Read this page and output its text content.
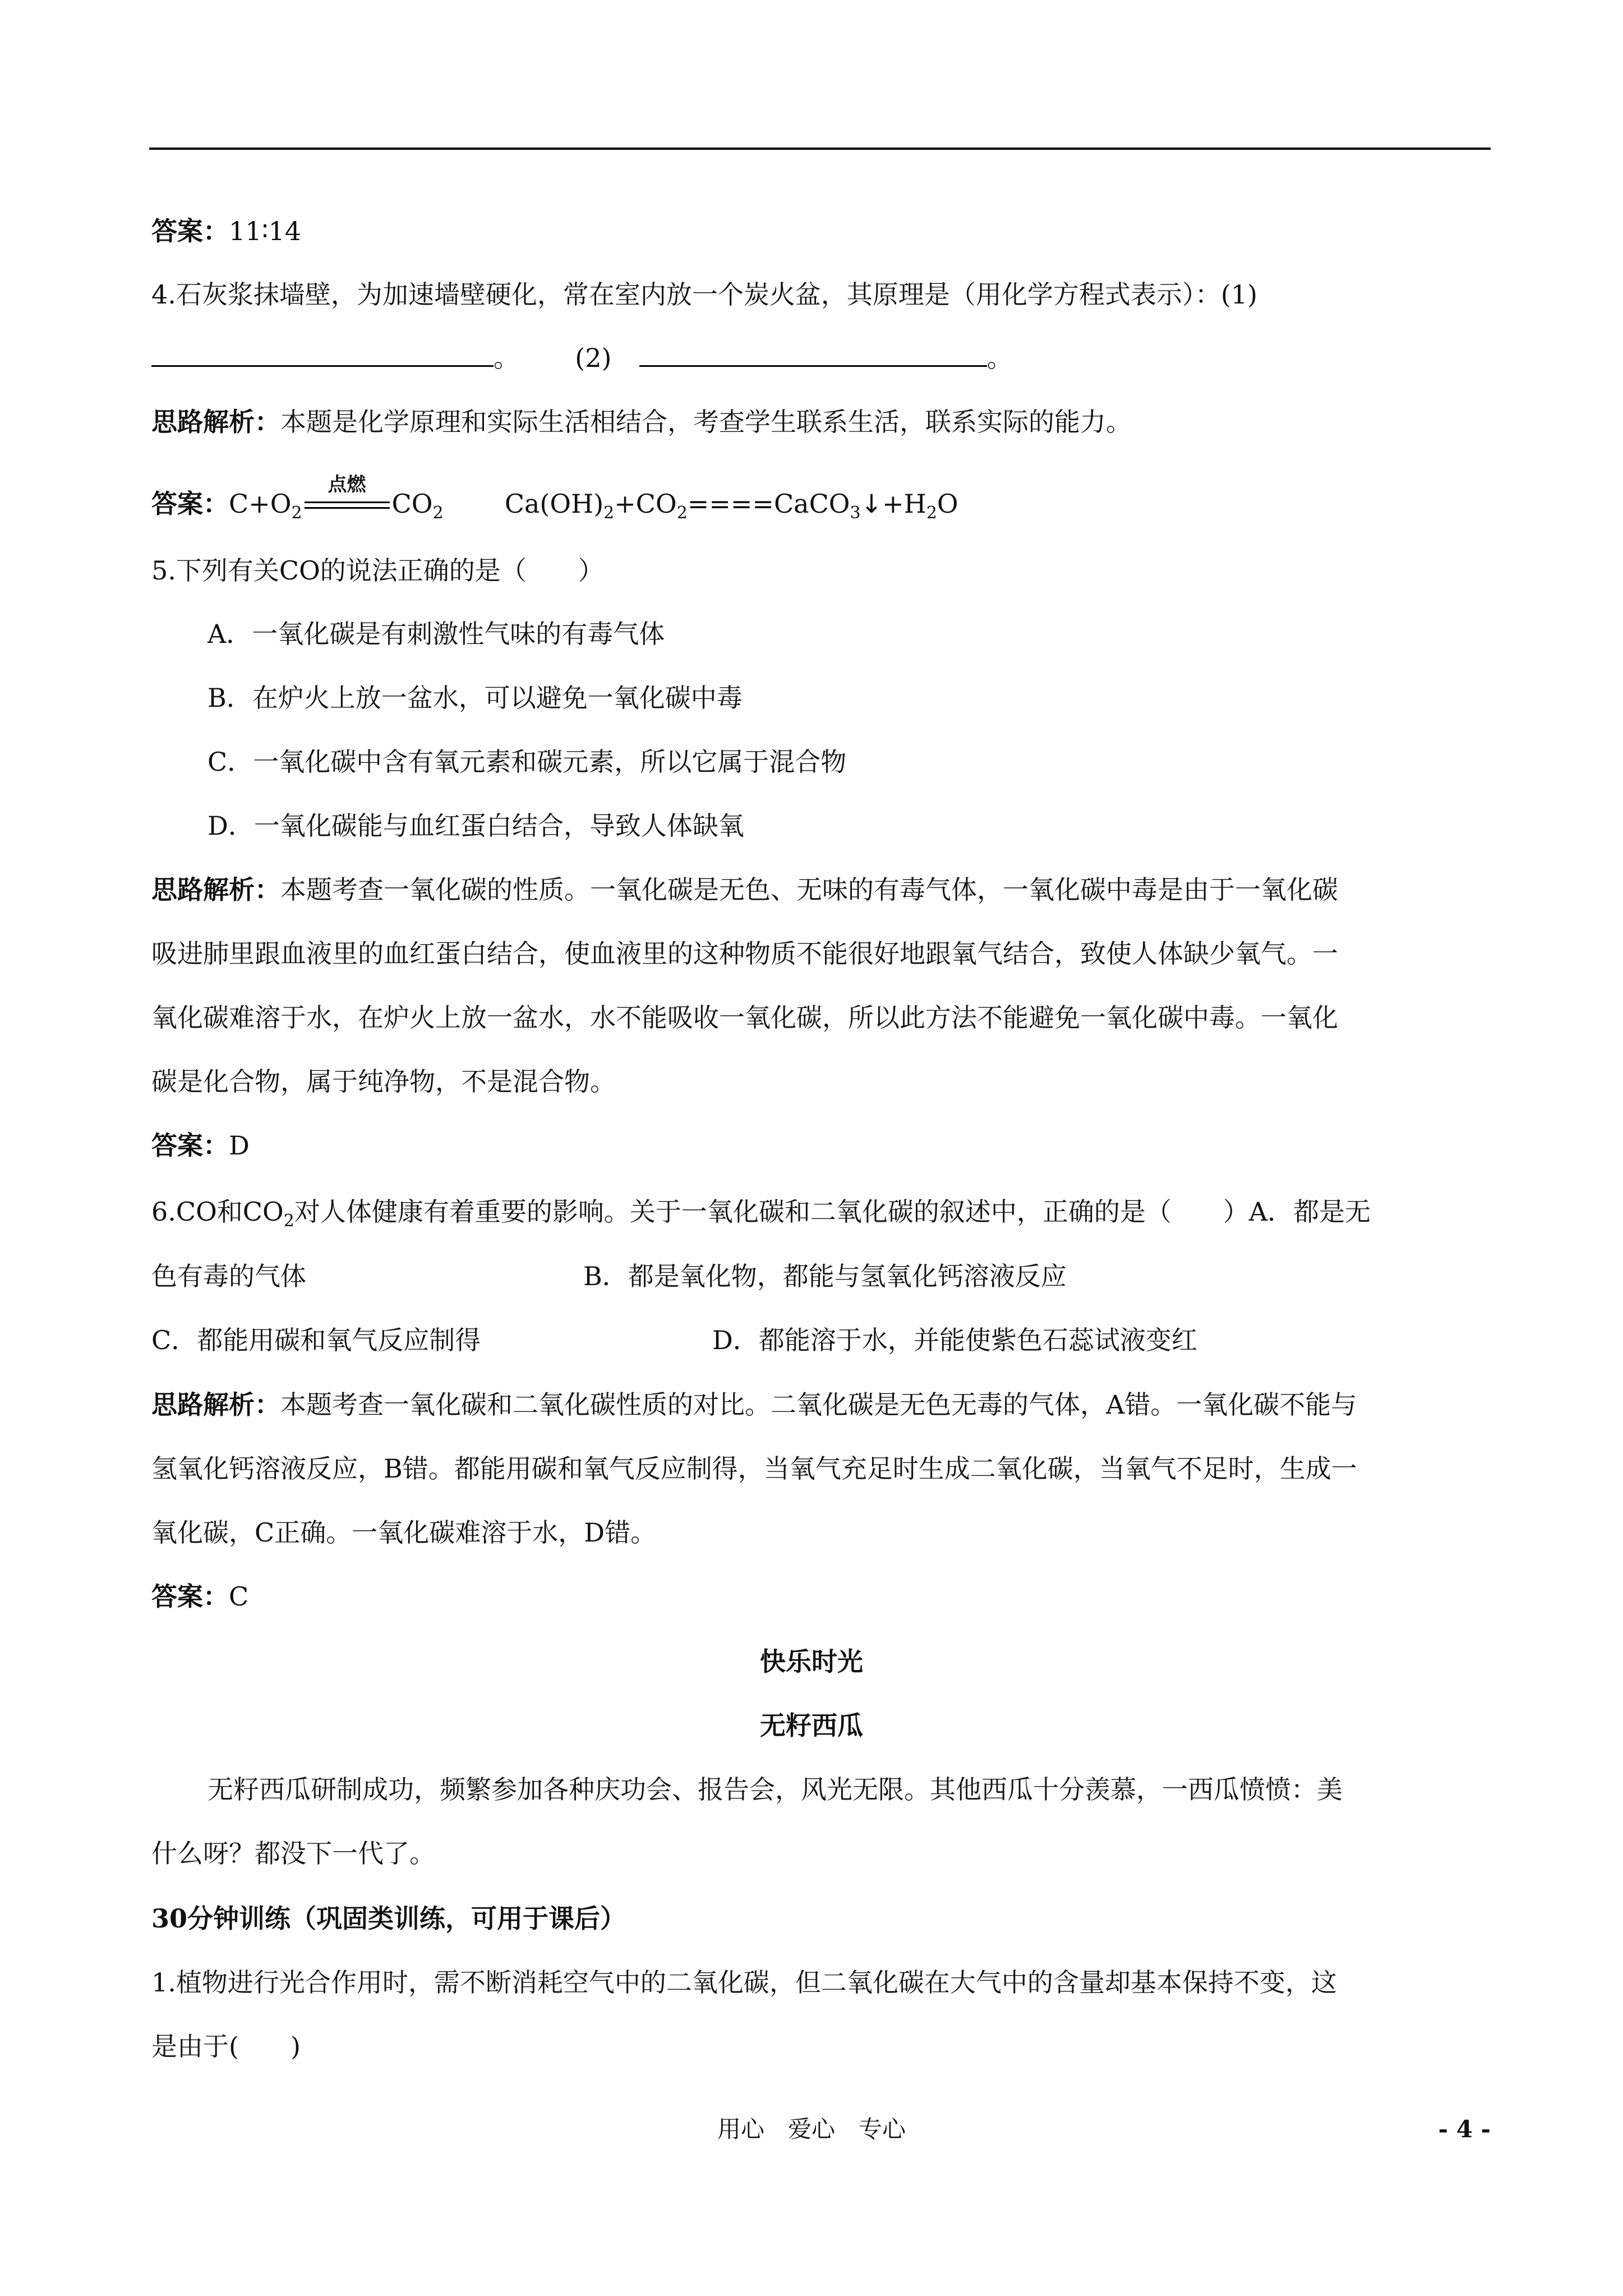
答案：11∶14
4.石灰浆抹墙壁，为加速墙壁硬化，常在室内放一个炭火盆，其原理是（用化学方程式表示）：(1)
。 (2)	。
思路解析：本题是化学原理和实际生活相结合，考查学生联系生活，联系实际的能力。
答案：$C+O_2$
点燃
$CO_2$ $Ca(OH)_2+CO_2====CaCO_3↓+H_2O$
5.下列有关CO的说法正确的是（　　）
A．一氧化碳是有刺激性气味的有毒气体
B．在炉火上放一盆水，可以避免一氧化碳中毒
C．一氧化碳中含有氧元素和碳元素，所以它属于混合物
D．一氧化碳能与血红蛋白结合，导致人体缺氧
思路解析：本题考查一氧化碳的性质。一氧化碳是无色、无味的有毒气体，一氧化碳中毒是由于一氧化碳
吸进肺里跟血液里的血红蛋白结合，使血液里的这种物质不能很好地跟氧气结合，致使人体缺少氧气。一
氧化碳难溶于水，在炉火上放一盆水，水不能吸收一氧化碳，所以此方法不能避免一氧化碳中毒。一氧化
碳是化合物，属于纯净物，不是混合物。
答案：D
6.CO和$CO_2$对人体健康有着重要的影响。关于一氧化碳和二氧化碳的叙述中，正确的是（　　）A．都是无
色有毒的气体	B．都是氧化物，都能与氢氧化钙溶液反应
C．都能用碳和氧气反应制得	D．都能溶于水，并能使紫色石蕊试液变红
思路解析：本题考查一氧化碳和二氧化碳性质的对比。二氧化碳是无色无毒的气体，A错。一氧化碳不能与
氢氧化钙溶液反应，B错。都能用碳和氧气反应制得，当氧气充足时生成二氧化碳，当氧气不足时，生成一
氧化碳，C正确。一氧化碳难溶于水，D错。
答案：C
快乐时光
无籽西瓜
无籽西瓜研制成功，频繁参加各种庆功会、报告会，风光无限。其他西瓜十分羡慕，一西瓜愤愤：美
什么呀？都没下一代了。
30分钟训练（巩固类训练，可用于课后）
1.植物进行光合作用时，需不断消耗空气中的二氧化碳，但二氧化碳在大气中的含量却基本保持不变，这
是由于(　　)
用心　爱心　专心	- 4 -
